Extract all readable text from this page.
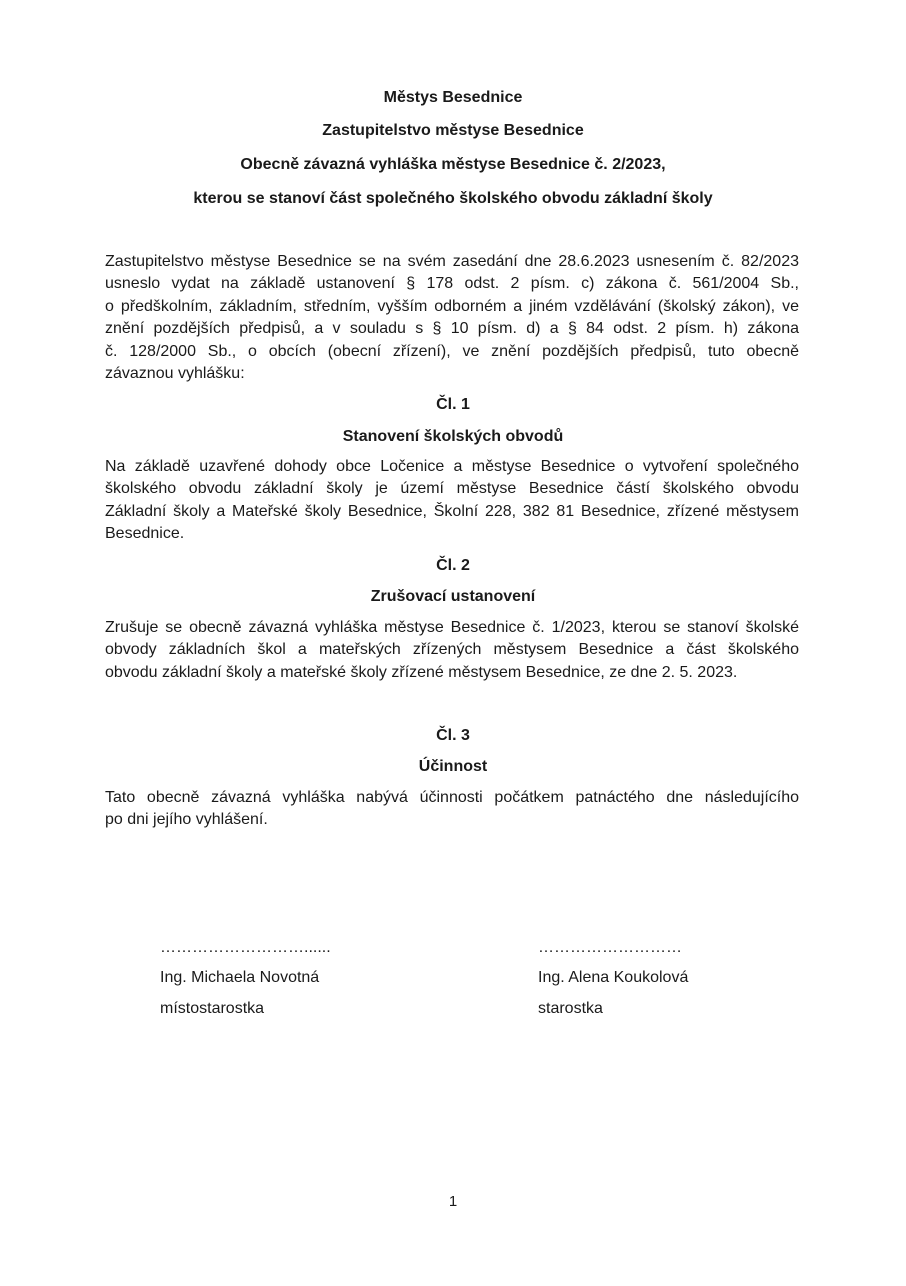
Městys Besednice
Zastupitelstvo městyse Besednice
Obecně závazná vyhláška městyse Besednice č. 2/2023,
kterou se stanoví část společného školského obvodu základní školy
Zastupitelstvo městyse Besednice se na svém zasedání dne 28.6.2023 usnesením č. 82/2023
usneslo vydat na základě ustanovení § 178 odst. 2 písm. c) zákona č. 561/2004 Sb.,
o předškolním, základním, středním, vyšším odborném a jiném vzdělávání (školský zákon), ve
znění pozdějších předpisů, a v souladu s § 10 písm. d) a § 84 odst. 2 písm. h) zákona
č. 128/2000 Sb., o obcích (obecní zřízení), ve znění pozdějších předpisů, tuto obecně
závaznou vyhlášku:
Čl. 1
Stanovení školských obvodů
Na základě uzavřené dohody obce Ločenice a městyse Besednice o vytvoření společného
školského obvodu základní školy je území městyse Besednice částí školského obvodu
Základní školy a Mateřské školy Besednice, Školní 228, 382 81 Besednice, zřízené městysem
Besednice.
Čl. 2
Zrušovací ustanovení
Zrušuje se obecně závazná vyhláška městyse Besednice č. 1/2023, kterou se stanoví školské
obvody základních škol a mateřských zřízených městysem Besednice a část školského
obvodu základní školy a mateřské školy zřízené městysem Besednice, ze dne 2. 5. 2023.
Čl. 3
Účinnost
Tato obecně závazná vyhláška nabývá účinnosti počátkem patnáctého dne následujícího
po dni jejího vyhlášení.
………………………......
Ing. Michaela Novotná
místostarostka
………………………
Ing. Alena Koukolová
starostka
1
